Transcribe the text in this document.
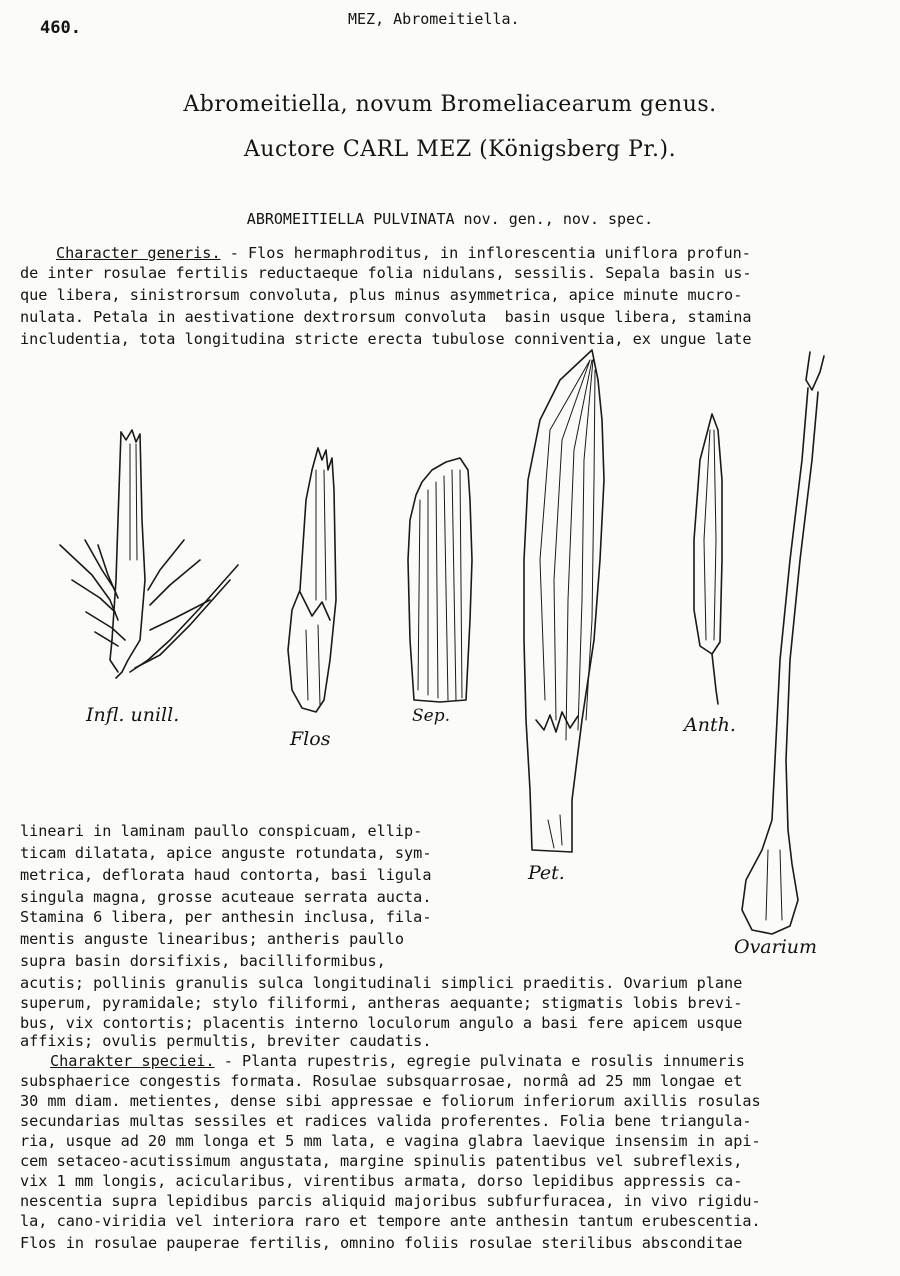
460.	MEZ, Abromeitiella.
Abromeitiella, novum Bromeliacearum genus.
Auctore CARL MEZ (Königsberg Pr.).
ABROMEITIELLA PULVINATA nov. gen., nov. spec.
Character generis. - Flos hermaphroditus, in inflorescentia uniflora profun-
de inter rosulae fertilis reductaeque folia nidulans, sessilis. Sepala basin us-
que libera, sinistrorsum convoluta, plus minus asymmetrica, apice minute mucro-
nulata. Petala in aestivatione dextrorsum convoluta  basin usque libera, stamina
includentia, tota longitudina stricte erecta tubulose conniventia, ex ungue late
Infl. unill.
Flos
Sep.
Pet.
Anth.
Ovarium
lineari in laminam paullo conspicuam, ellip-
ticam dilatata, apice anguste rotundata, sym-
metrica, deflorata haud contorta, basi ligula
singula magna, grosse acuteaue serrata aucta.
Stamina 6 libera, per anthesin inclusa, fila-
mentis anguste linearibus; antheris paullo
supra basin dorsifixis, bacilliformibus,
acutis; pollinis granulis sulca longitudinali simplici praeditis. Ovarium plane
superum, pyramidale; stylo filiformi, antheras aequante; stigmatis lobis brevi-
bus, vix contortis; placentis interno loculorum angulo a basi fere apicem usque
affixis; ovulis permultis, breviter caudatis.
Charakter speciei. - Planta rupestris, egregie pulvinata e rosulis innumeris
subsphaerice congestis formata. Rosulae subsquarrosae, normâ ad 25 mm longae et
30 mm diam. metientes, dense sibi appressae e foliorum inferiorum axillis rosulas
secundarias multas sessiles et radices valida proferentes. Folia bene triangula-
ria, usque ad 20 mm longa et 5 mm lata, e vagina glabra laevique insensim in api-
cem setaceo-acutissimum angustata, margine spinulis patentibus vel subreflexis,
vix 1 mm longis, acicularibus, virentibus armata, dorso lepidibus appressis ca-
nescentia supra lepidibus parcis aliquid majoribus subfurfuracea, in vivo rigidu-
la, cano-viridia vel interiora raro et tempore ante anthesin tantum erubescentia.
Flos in rosulae pauperae fertilis, omnino foliis rosulae sterilibus absconditae
